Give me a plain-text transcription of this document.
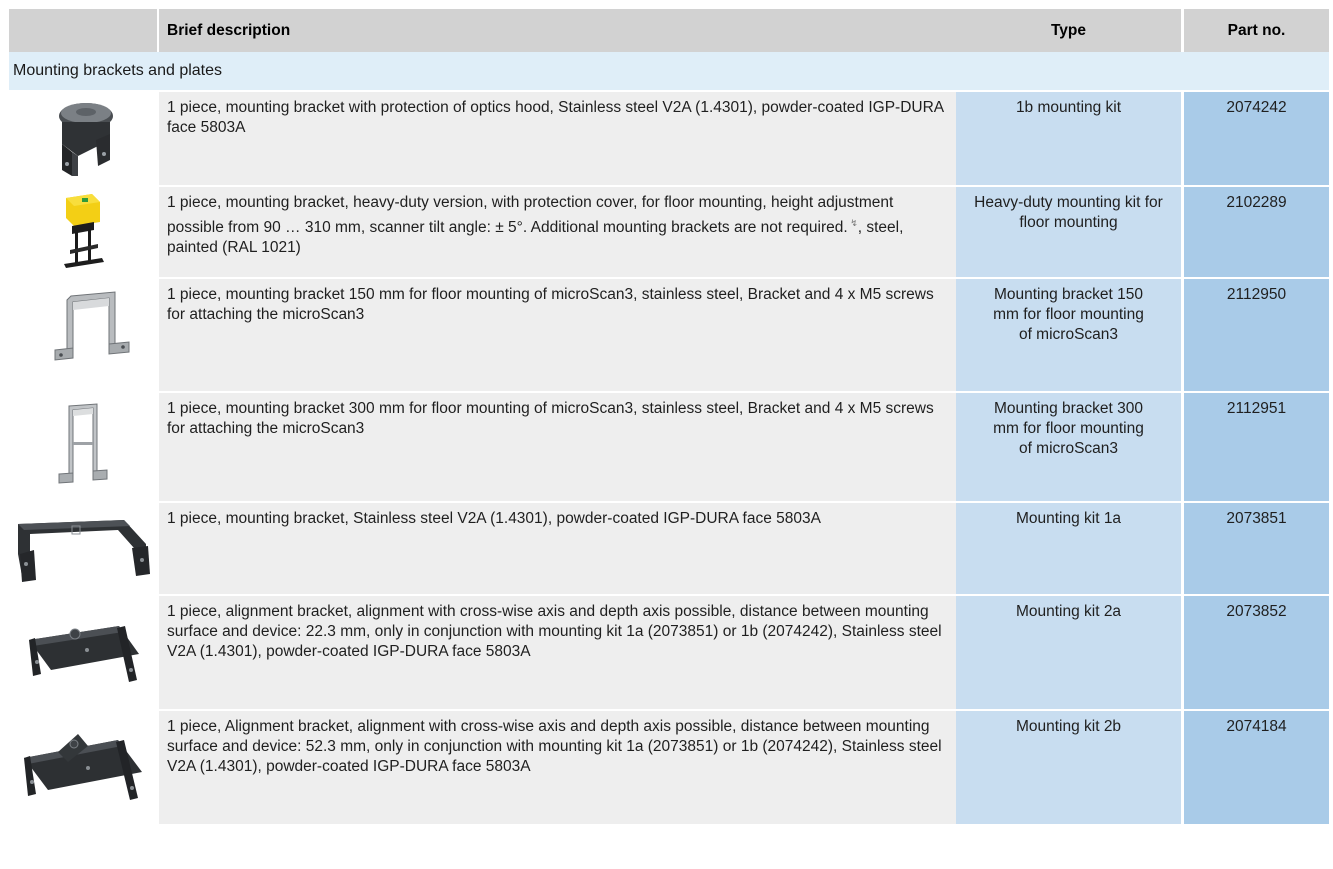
	Brief description	Type	Part no.
Mounting brackets and plates			

	1 piece, mounting bracket with protection of optics hood, Stainless steel V2A (1.4301), powder-coated IGP-DURA face 5803A	1b mounting kit	2074242

	1 piece, mounting bracket, heavy-duty version, with protection cover, for floor mounting, height adjustment possible from 90 … 310 mm, scanner tilt angle: ± 5°. Additional mounting brackets are not required. ↯, steel, painted (RAL 1021)	Heavy-duty mounting kit for floor mounting	2102289

	1 piece, mounting bracket 150 mm for floor mounting of microScan3, stainless steel, Bracket and 4 x M5 screws for attaching the microScan3	Mounting bracket 150 mm for floor mounting of microScan3	2112950

	1 piece, mounting bracket 300 mm for floor mounting of microScan3, stainless steel, Bracket and 4 x M5 screws for attaching the microScan3	Mounting bracket 300 mm for floor mounting of microScan3	2112951

	1 piece, mounting bracket, Stainless steel V2A (1.4301), powder-coated IGP-DURA face 5803A	Mounting kit 1a	2073851

	1 piece, alignment bracket, alignment with cross-wise axis and depth axis possible, distance between mounting surface and device: 22.3 mm, only in conjunction with mounting kit 1a (2073851) or 1b (2074242), Stainless steel V2A (1.4301), powder-coated IGP-DURA face 5803A	Mounting kit 2a	2073852

	1 piece, Alignment bracket, alignment with cross-wise axis and depth axis possible, distance between mounting surface and device: 52.3 mm, only in conjunction with mounting kit 1a (2073851) or 1b (2074242), Stainless steel V2A (1.4301), powder-coated IGP-DURA face 5803A	Mounting kit 2b	2074184
